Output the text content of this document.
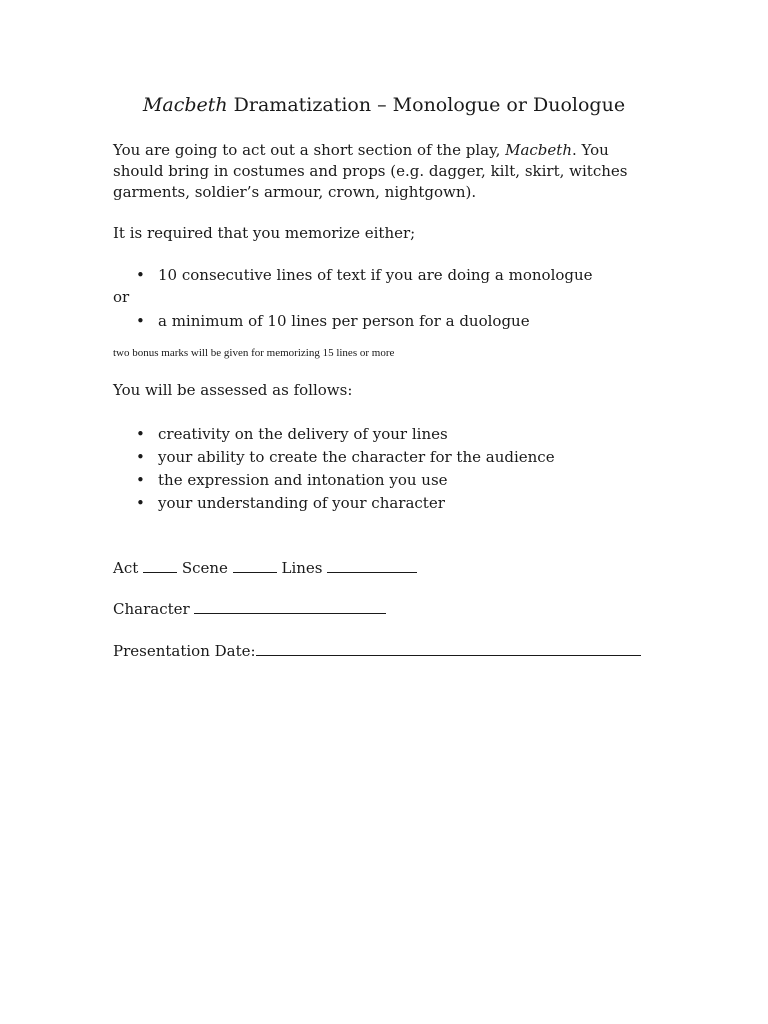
Macbeth Dramatization – Monologue or Duologue
You are going to act out a short section of the play, Macbeth. You
should bring in costumes and props (e.g. dagger, kilt, skirt, witches
garments, soldier’s armour, crown, nightgown).
It is required that you memorize either;
• 10 consecutive lines of text if you are doing a monologue
or
• a minimum of 10 lines per person for a duologue
two bonus marks will be given for memorizing 15 lines or more
You will be assessed as follows:
• creativity on the delivery of your lines
• your ability to create the character for the audience
• the expression and intonation you use
• your understanding of your character
Act	Scene	Lines
Character
Presentation Date:
